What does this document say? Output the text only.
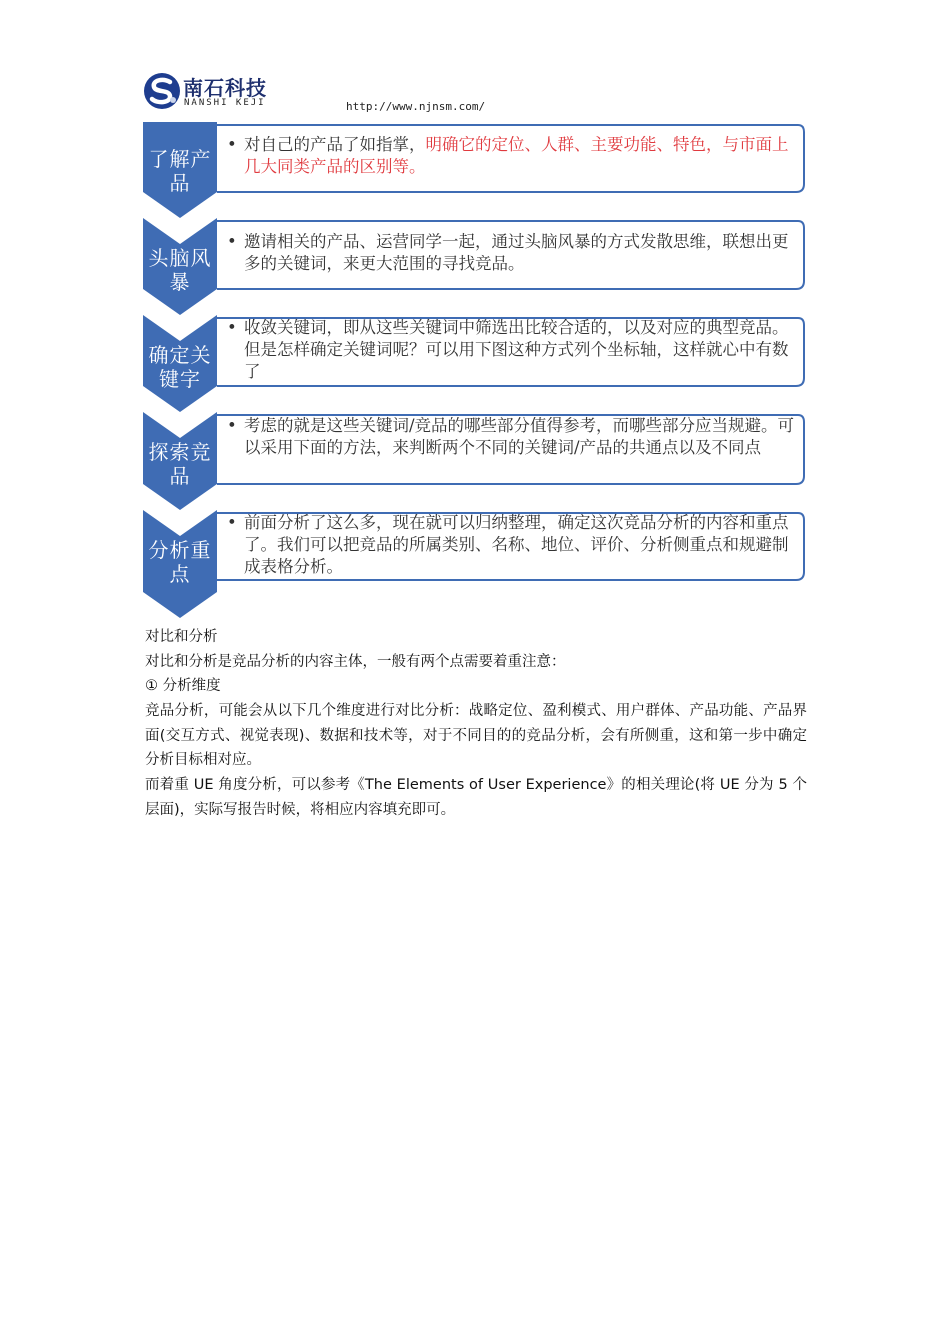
南石科技
NANSHI KEJI	http://www.njnsm.com/
了解产品
• 对自己的产品了如指掌，明确它的定位、人群、主要功能、特色，与市面上几大同类产品的区别等。
头脑风暴
• 邀请相关的产品、运营同学一起，通过头脑风暴的方式发散思维，联想出更多的关键词，来更大范围的寻找竞品。
确定关键字
• 收敛关键词，即从这些关键词中筛选出比较合适的，以及对应的典型竞品。但是怎样确定关键词呢？可以用下图这种方式列个坐标轴，这样就心中有数了
探索竞品
• 考虑的就是这些关键词/竞品的哪些部分值得参考，而哪些部分应当规避。可以采用下面的方法，来判断两个不同的关键词/产品的共通点以及不同点
分析重点
• 前面分析了这么多，现在就可以归纳整理，确定这次竞品分析的内容和重点了。我们可以把竞品的所属类别、名称、地位、评价、分析侧重点和规避制成表格分析。
对比和分析
对比和分析是竞品分析的内容主体，一般有两个点需要着重注意：
① 分析维度
竞品分析，可能会从以下几个维度进行对比分析：战略定位、盈利模式、用户群体、产品功能、产品界面(交互方式、视觉表现)、数据和技术等，对于不同目的的竞品分析，会有所侧重，这和第一步中确定分析目标相对应。
而着重 UE 角度分析，可以参考《The Elements of User Experience》的相关理论(将 UE 分为 5 个层面)，实际写报告时候，将相应内容填充即可。
